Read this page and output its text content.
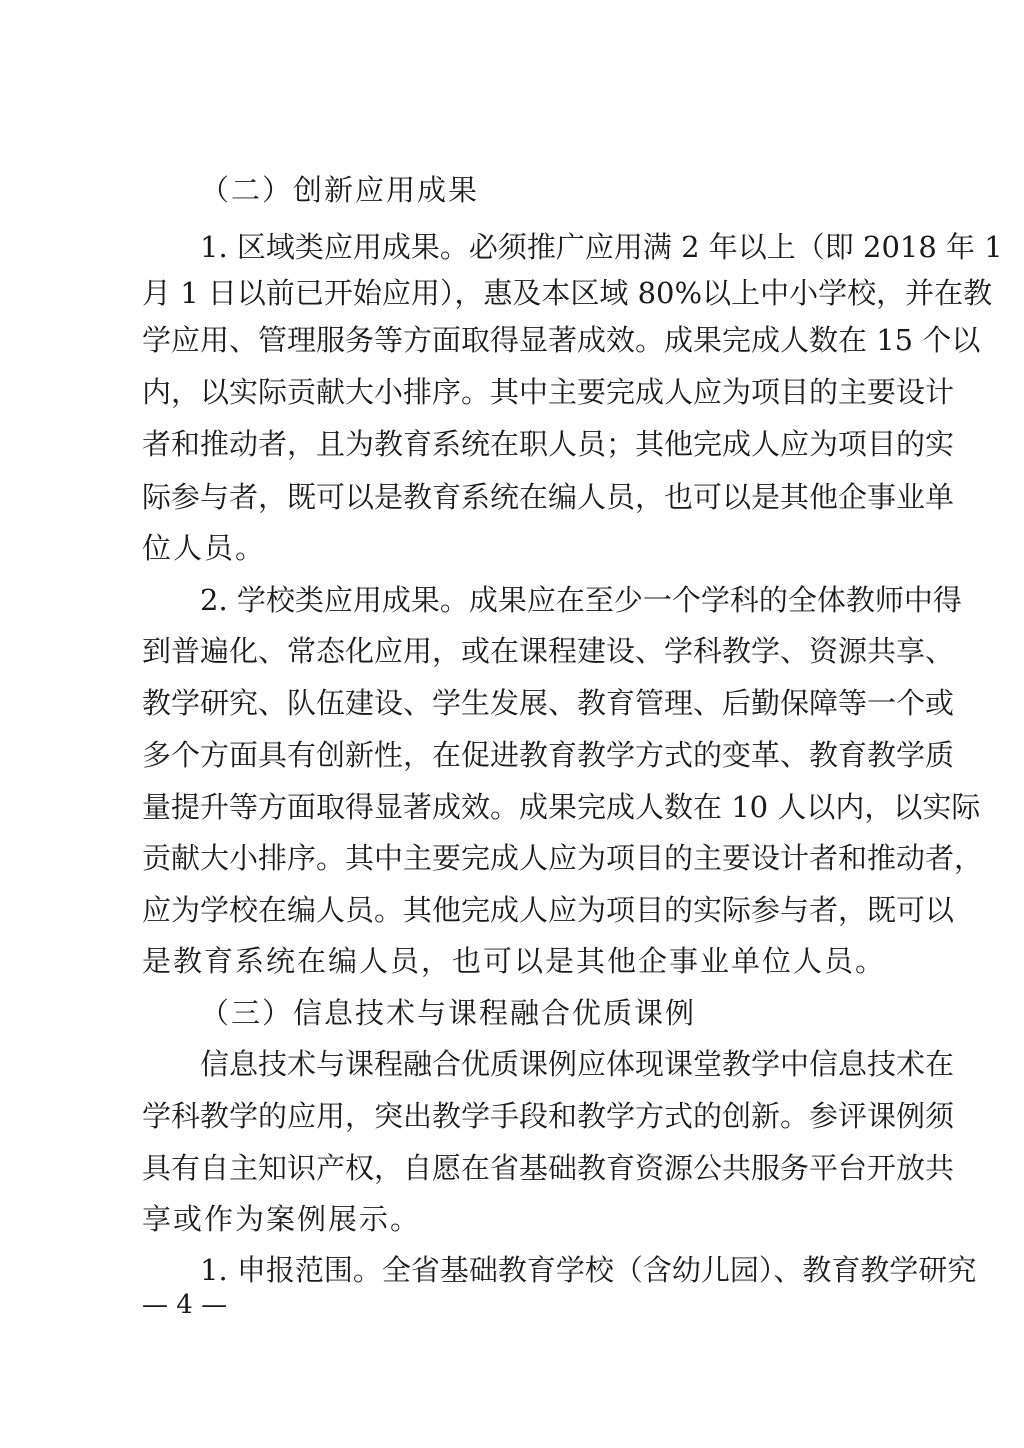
（二）创新应用成果
1. 区域类应用成果。必须推广应用满 2 年以上（即 2018 年 1
月 1 日以前已开始应用），惠及本区域 80%以上中小学校，并在教
学应用、管理服务等方面取得显著成效。成果完成人数在 15 个以
内，以实际贡献大小排序。其中主要完成人应为项目的主要设计
者和推动者，且为教育系统在职人员；其他完成人应为项目的实
际参与者，既可以是教育系统在编人员，也可以是其他企事业单
位人员。
2. 学校类应用成果。成果应在至少一个学科的全体教师中得
到普遍化、常态化应用，或在课程建设、学科教学、资源共享、
教学研究、队伍建设、学生发展、教育管理、后勤保障等一个或
多个方面具有创新性，在促进教育教学方式的变革、教育教学质
量提升等方面取得显著成效。成果完成人数在 10 人以内，以实际
贡献大小排序。其中主要完成人应为项目的主要设计者和推动者，
应为学校在编人员。其他完成人应为项目的实际参与者，既可以
是教育系统在编人员，也可以是其他企事业单位人员。
（三）信息技术与课程融合优质课例
信息技术与课程融合优质课例应体现课堂教学中信息技术在
学科教学的应用，突出教学手段和教学方式的创新。参评课例须
具有自主知识产权，自愿在省基础教育资源公共服务平台开放共
享或作为案例展示。
1. 申报范围。全省基础教育学校（含幼儿园）、教育教学研究
— 4 —
